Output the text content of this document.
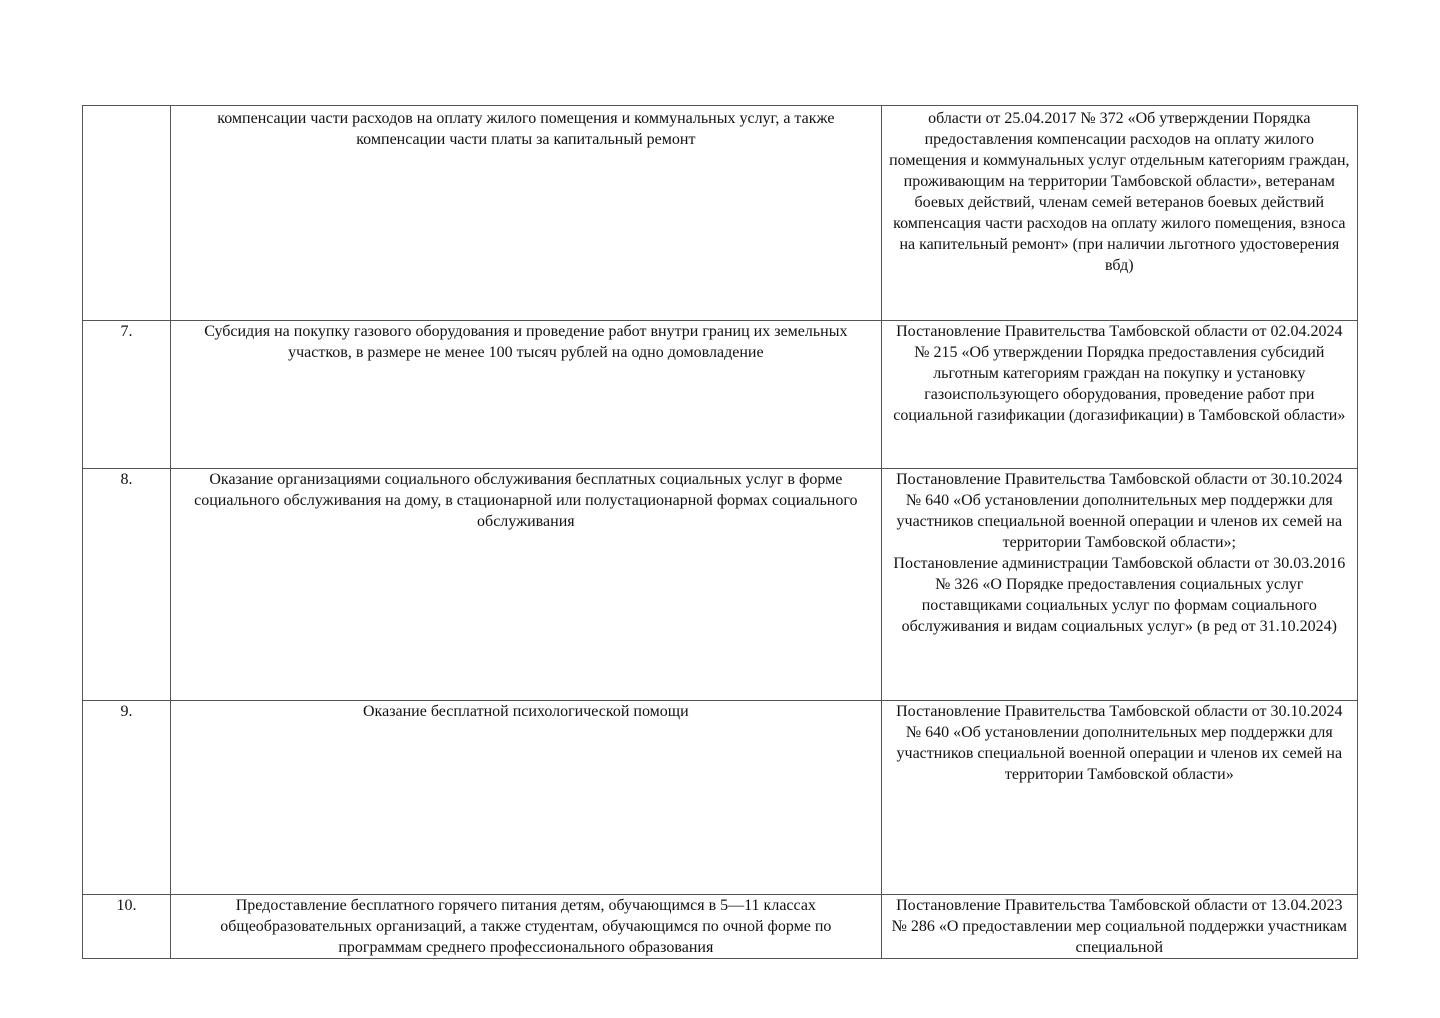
	компенсации части расходов на оплату жилого помещения и коммунальных услуг, а также компенсации части платы за капитальный ремонт	области от 25.04.2017 № 372 «Об утверждении Порядка предоставления компенсации расходов на оплату жилого помещения и коммунальных услуг отдельным категориям граждан, проживающим на территории Тамбовской области», ветеранам боевых действий, членам семей ветеранов боевых действий компенсация части расходов на оплату жилого помещения, взноса на капительный ремонт» (при наличии льготного удостоверения вбд)

7.	Субсидия на покупку газового оборудования и проведение работ внутри границ их земельных участков, в размере не менее 100 тысяч рублей на одно домовладение	Постановление Правительства Тамбовской области от 02.04.2024 № 215 «Об утверждении Порядка предоставления субсидий льготным категориям граждан на покупку и установку газоиспользующего оборудования, проведение работ при социальной газификации (догазификации) в Тамбовской области»

8.	Оказание организациями социального обслуживания бесплатных социальных услуг в форме социального обслуживания на дому, в стационарной или полустационарной формах социального обслуживания	Постановление Правительства Тамбовской области от 30.10.2024 № 640 «Об установлении дополнительных мер поддержки для участников специальной военной операции и членов их семей на территории Тамбовской области»;
Постановление администрации Тамбовской области от 30.03.2016 № 326 «О Порядке предоставления социальных услуг поставщиками социальных услуг по формам социального обслуживания и видам социальных услуг» (в ред от 31.10.2024)

9.	Оказание бесплатной психологической помощи	Постановление Правительства Тамбовской области от 30.10.2024 № 640 «Об установлении дополнительных мер поддержки для участников специальной военной операции и членов их семей на территории Тамбовской области»

10.	Предоставление бесплатного горячего питания детям, обучающимся в 5—11 классах общеобразовательных организаций, а также студентам, обучающимся по очной форме по программам среднего профессионального образования	Постановление Правительства Тамбовской области от 13.04.2023 № 286 «О предоставлении мер социальной поддержки участникам специальной
